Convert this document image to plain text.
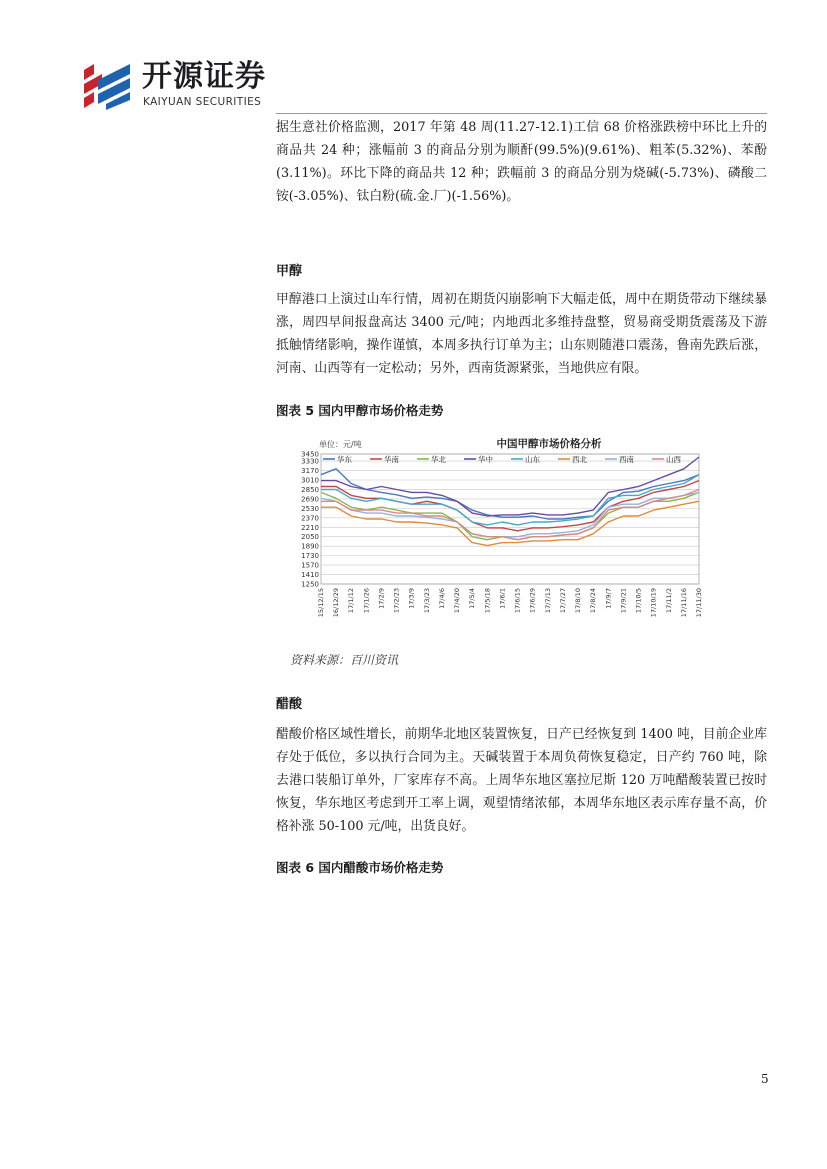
开源证券
KAIYUAN SECURITIES

据生意社价格监测，2017 年第 48 周(11.27-12.1)工信 68 价格涨跌榜中环比上升的商品共 24 种；涨幅前 3 的商品分别为顺酐(99.5%)(9.61%)、粗苯(5.32%)、苯酚(3.11%)。环比下降的商品共 12 种；跌幅前 3 的商品分别为烧碱(-5.73%)、磷酸二铵(-3.05%)、钛白粉(硫.金.厂)(-1.56%)。

甲醇

甲醇港口上演过山车行情，周初在期货闪崩影响下大幅走低，周中在期货带动下继续暴涨，周四早间报盘高达 3400 元/吨；内地西北多维持盘整，贸易商受期货震荡及下游抵触情绪影响，操作谨慎，本周多执行订单为主；山东则随港口震荡，鲁南先跌后涨，河南、山西等有一定松动；另外，西南货源紧张，当地供应有限。

图表 5 国内甲醇市场价格走势
3450
3330
3170
3010
2850
2690
2530
2370
2210
2050
1890
1730
1570
1410
1250
15/12/15 16/12/29 17/1/12 17/1/26 17/2/9 17/2/23 17/3/9 17/3/23 17/4/6 17/4/20 17/5/4 17/5/18 17/6/1 17/6/15 17/6/29 17/7/13 17/7/27 17/8/10 17/8/24 17/9/7 17/9/21 17/10/5 17/10/19 17/11/2 17/11/16 17/11/30
华东	华南	华北	华中	山东	西北	西南	山西
中国甲醇市场价格分析
单位：元/吨
资料来源：百川资讯
醋酸

醋酸价格区域性增长，前期华北地区装置恢复，日产已经恢复到 1400 吨，目前企业库存处于低位，多以执行合同为主。天碱装置于本周负荷恢复稳定，日产约 760 吨，除去港口装船订单外，厂家库存不高。上周华东地区塞拉尼斯 120 万吨醋酸装置已按时恢复，华东地区考虑到开工率上调，观望情绪浓郁，本周华东地区表示库存量不高，价格补涨 50-100 元/吨，出货良好。

图表 6 国内醋酸市场价格走势
5
